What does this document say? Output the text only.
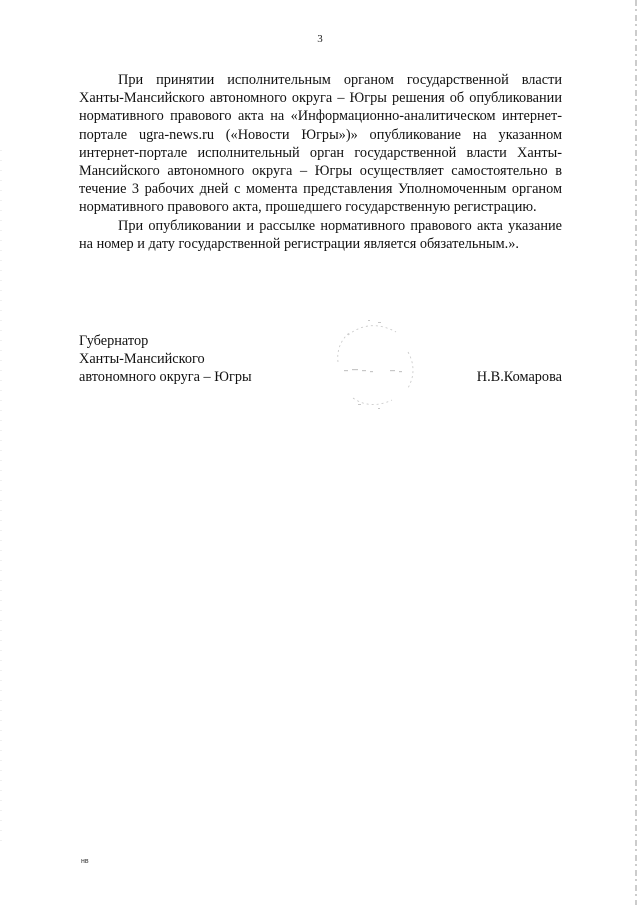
3

При принятии исполнительным органом государственной власти Ханты-Мансийского автономного округа – Югры решения об опубликовании нормативного правового акта на «Информационно-аналитическом интернет-портале ugra-news.ru («Новости Югры»)» опубликование на указанном интернет-портале исполнительный орган государственной власти Ханты-Мансийского автономного округа – Югры осуществляет самостоятельно в течение 3 рабочих дней с момента представления Уполномоченным органом нормативного правового акта, прошедшего государственную регистрацию.

При опубликовании и рассылке нормативного правового акта указание на номер и дату государственной регистрации является обязательным.».

Губернатор
Ханты-Мансийского
автономного округа – Югры	Н.В.Комарова
нв
